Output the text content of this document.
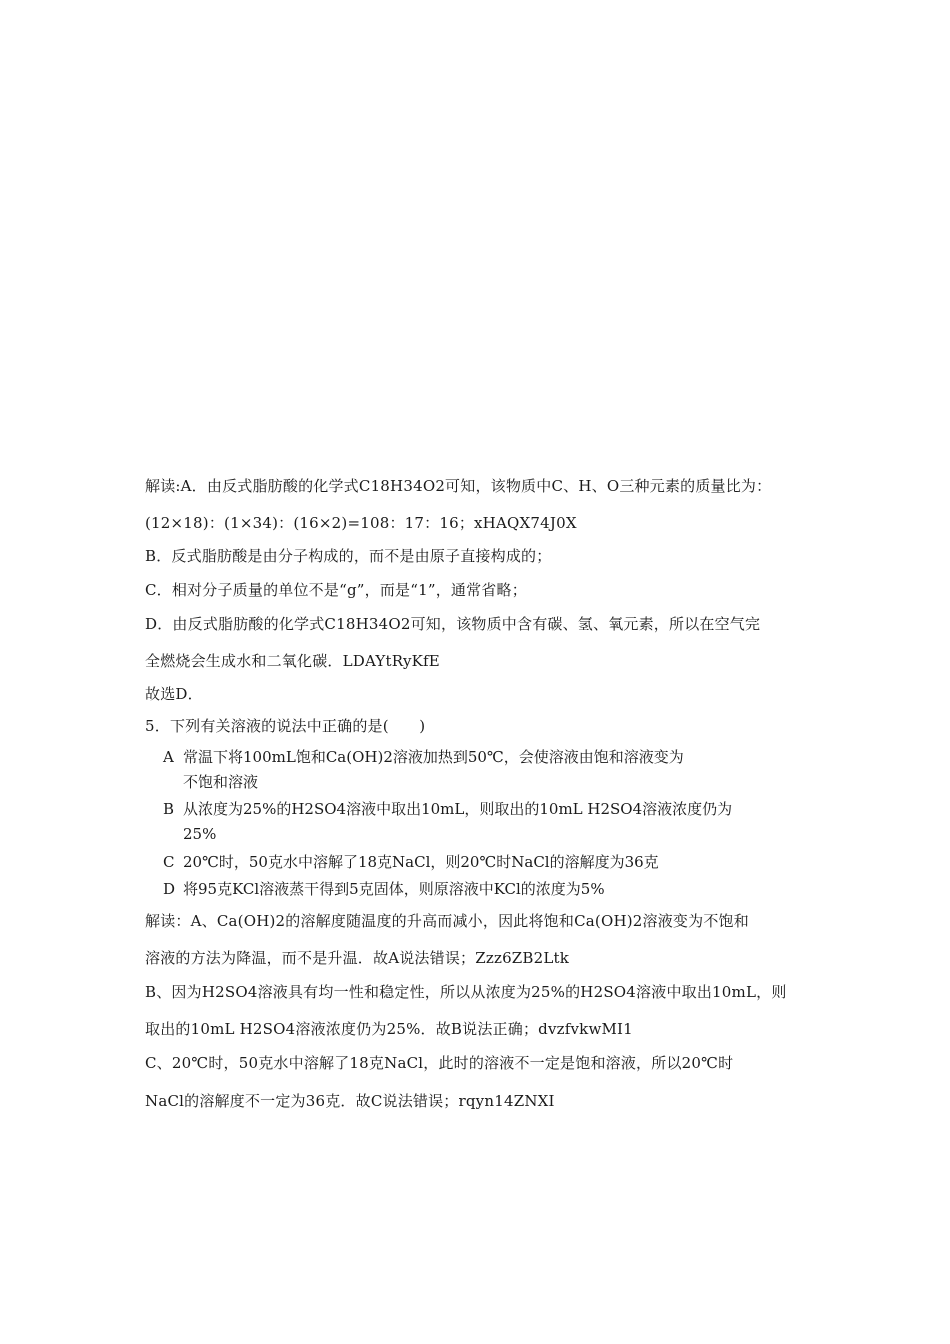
解读:A．由反式脂肪酸的化学式C18H34O2可知，该物质中C、H、O三种元素的质量比为：
(12×18)：(1×34)：(16×2)=108：17：16；xHAQX74J0X
B．反式脂肪酸是由分子构成的，而不是由原子直接构成的；
C．相对分子质量的单位不是“g”，而是“1”，通常省略；
D．由反式脂肪酸的化学式C18H34O2可知，该物质中含有碳、氢、氧元素，所以在空气完
全燃烧会生成水和二氧化碳．LDAYtRyKfE
故选D．
5．下列有关溶液的说法中正确的是(　　)
A 常温下将100mL饱和Ca(OH)2溶液加热到50℃，会使溶液由饱和溶液变为
不饱和溶液
B 从浓度为25%的H2SO4溶液中取出10mL，则取出的10mL H2SO4溶液浓度仍为
25%
C 20℃时，50克水中溶解了18克NaCl，则20℃时NaCl的溶解度为36克
D 将95克KCl溶液蒸干得到5克固体，则原溶液中KCl的浓度为5%
解读：A、Ca(OH)2的溶解度随温度的升高而减小，因此将饱和Ca(OH)2溶液变为不饱和
溶液的方法为降温，而不是升温．故A说法错误；Zzz6ZB2Ltk
B、因为H2SO4溶液具有均一性和稳定性，所以从浓度为25%的H2SO4溶液中取出10mL，则
取出的10mL H2SO4溶液浓度仍为25%．故B说法正确；dvzfvkwMI1
C、20℃时，50克水中溶解了18克NaCl，此时的溶液不一定是饱和溶液，所以20℃时
NaCl的溶解度不一定为36克．故C说法错误；rqyn14ZNXI
